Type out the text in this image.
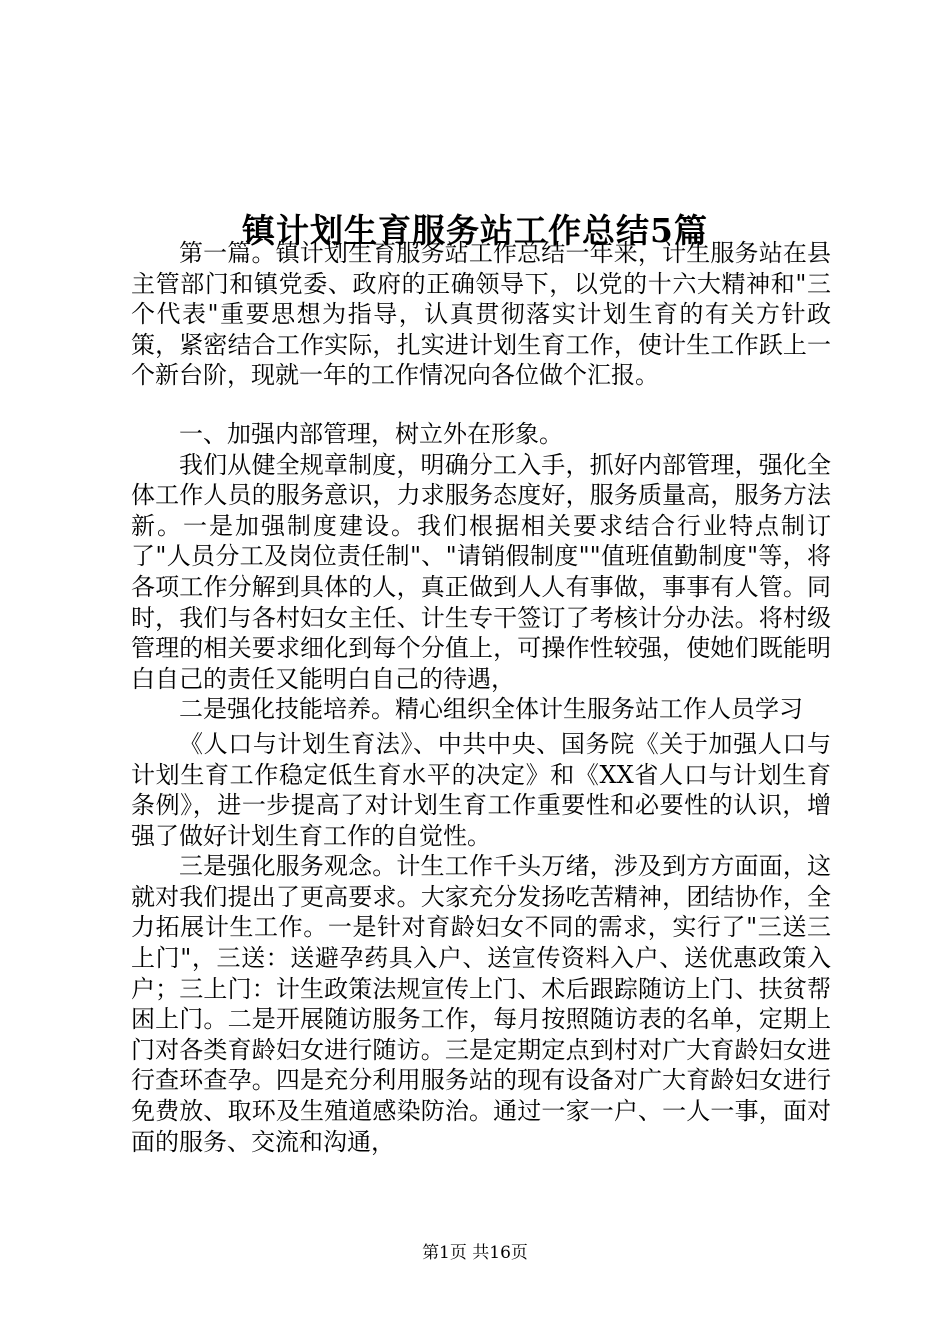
镇计划生育服务站工作总结5篇

第一篇。镇计划生育服务站工作总结一年来，计生服务站在县主管部门和镇党委、政府的正确领导下，以党的十六大精神和"三个代表"重要思想为指导，认真贯彻落实计划生育的有关方针政策，紧密结合工作实际，扎实进计划生育工作，使计生工作跃上一个新台阶，现就一年的工作情况向各位做个汇报。

一、加强内部管理，树立外在形象。

我们从健全规章制度，明确分工入手，抓好内部管理，强化全体工作人员的服务意识，力求服务态度好，服务质量高，服务方法新。一是加强制度建设。我们根据相关要求结合行业特点制订了"人员分工及岗位责任制"、"请销假制度""值班值勤制度"等，将各项工作分解到具体的人，真正做到人人有事做，事事有人管。同时，我们与各村妇女主任、计生专干签订了考核计分办法。将村级管理的相关要求细化到每个分值上，可操作性较强，使她们既能明白自己的责任又能明白自己的待遇，

二是强化技能培养。精心组织全体计生服务站工作人员学习

《人口与计划生育法》、中共中央、国务院《关于加强人口与计划生育工作稳定低生育水平的决定》和《XX省人口与计划生育条例》，进一步提高了对计划生育工作重要性和必要性的认识，增强了做好计划生育工作的自觉性。

三是强化服务观念。计生工作千头万绪，涉及到方方面面，这就对我们提出了更高要求。大家充分发扬吃苦精神，团结协作，全力拓展计生工作。一是针对育龄妇女不同的需求，实行了"三送三上门"，三送：送避孕药具入户、送宣传资料入户、送优惠政策入户；三上门：计生政策法规宣传上门、术后跟踪随访上门、扶贫帮困上门。二是开展随访服务工作，每月按照随访表的名单，定期上门对各类育龄妇女进行随访。三是定期定点到村对广大育龄妇女进行查环查孕。四是充分利用服务站的现有设备对广大育龄妇女进行免费放、取环及生殖道感染防治。通过一家一户、一人一事，面对面的服务、交流和沟通，

第1页 共16页
